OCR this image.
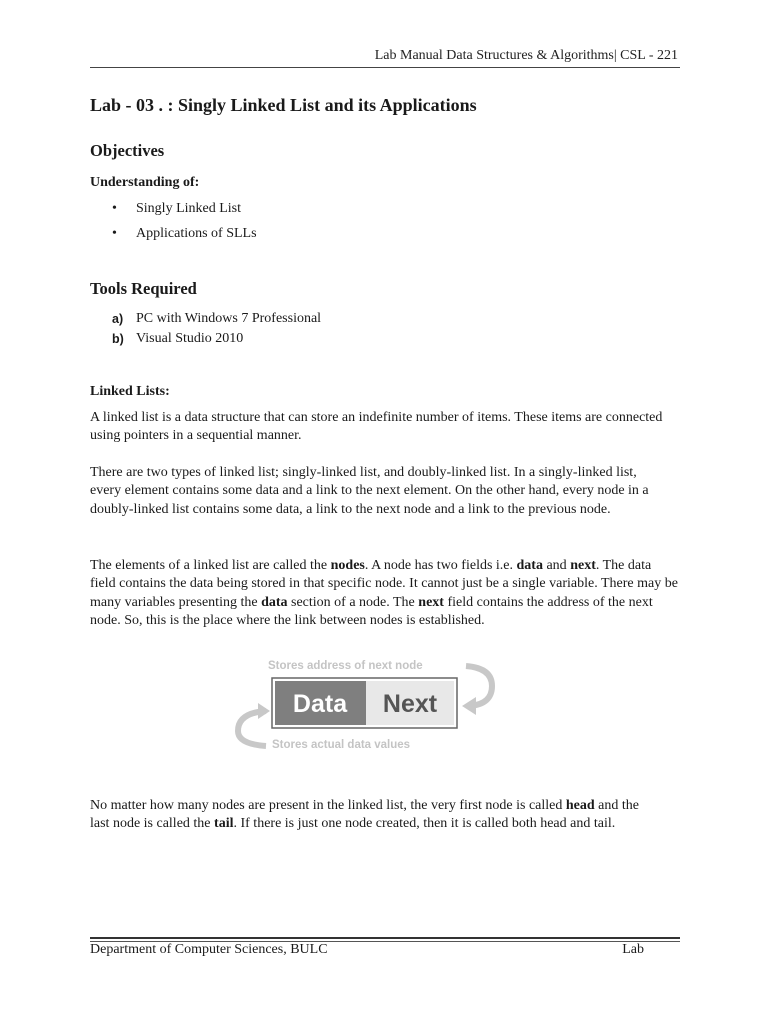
Lab Manual Data Structures & Algorithms| CSL - 221
Lab - 03 . : Singly Linked List and its Applications
Objectives
Understanding of:
•	Singly Linked List
•	Applications of SLLs
Tools Required
a) PC with Windows 7 Professional
b) Visual Studio 2010
Linked Lists:

A linked list is a data structure that can store an indefinite number of items. These items are connected using pointers in a sequential manner.

There are two types of linked list; singly-linked list, and doubly-linked list. In a singly-linked list, every element contains some data and a link to the next element. On the other hand, every node in a doubly-linked list contains some data, a link to the next node and a link to the previous node.

The elements of a linked list are called the nodes. A node has two fields i.e. data and next. The data field contains the data being stored in that specific node. It cannot just be a single variable. There may be many variables presenting the data section of a node. The next field contains the address of the next node. So, this is the place where the link between nodes is established.

Stores address of next node
Data Next
Stores actual data values

No matter how many nodes are present in the linked list, the very first node is called head and the last node is called the tail. If there is just one node created, then it is called both head and tail.

Department of Computer Sciences, BULC	Lab
